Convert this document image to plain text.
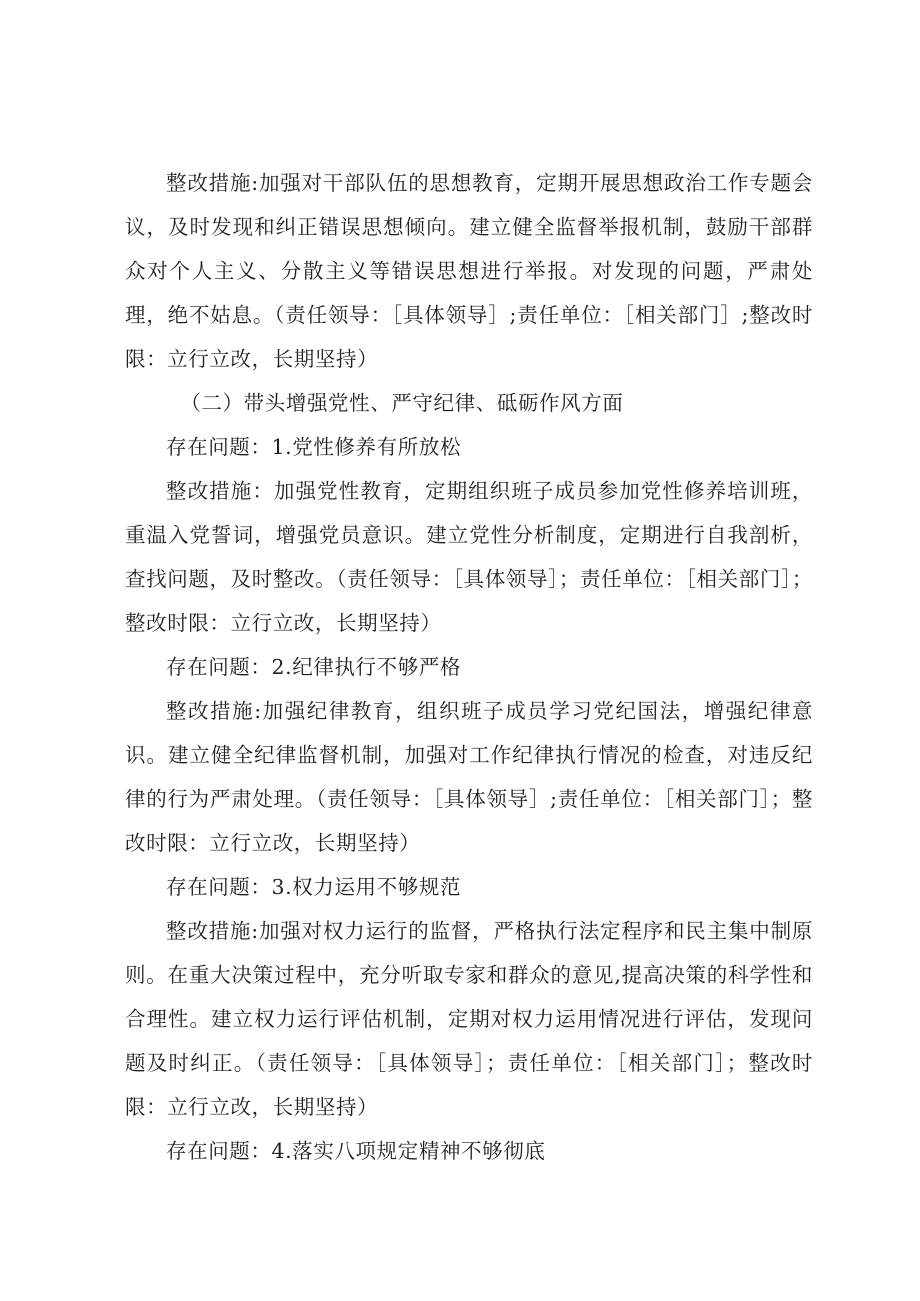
整改措施:加强对干部队伍的思想教育，定期开展思想政治工作专题会议，及时发现和纠正错误思想倾向。建立健全监督举报机制，鼓励干部群众对个人主义、分散主义等错误思想进行举报。对发现的问题，严肃处理，绝不姑息。（责任领导：［具体领导］;责任单位：［相关部门］;整改时限：立行立改，长期坚持）

（二）带头增强党性、严守纪律、砥砺作风方面

存在问题：1.党性修养有所放松

整改措施：加强党性教育，定期组织班子成员参加党性修养培训班，重温入党誓词，增强党员意识。建立党性分析制度，定期进行自我剖析，查找问题，及时整改。（责任领导：［具体领导］；责任单位：［相关部门］；整改时限：立行立改，长期坚持）

存在问题：2.纪律执行不够严格

整改措施:加强纪律教育，组织班子成员学习党纪国法，增强纪律意识。建立健全纪律监督机制，加强对工作纪律执行情况的检查，对违反纪律的行为严肃处理。（责任领导：［具体领导］;责任单位：［相关部门］；整改时限：立行立改，长期坚持）

存在问题：3.权力运用不够规范

整改措施:加强对权力运行的监督，严格执行法定程序和民主集中制原则。在重大决策过程中，充分听取专家和群众的意见,提高决策的科学性和合理性。建立权力运行评估机制，定期对权力运用情况进行评估，发现问题及时纠正。（责任领导：［具体领导］；责任单位：［相关部门］；整改时限：立行立改，长期坚持）

存在问题：4.落实八项规定精神不够彻底
